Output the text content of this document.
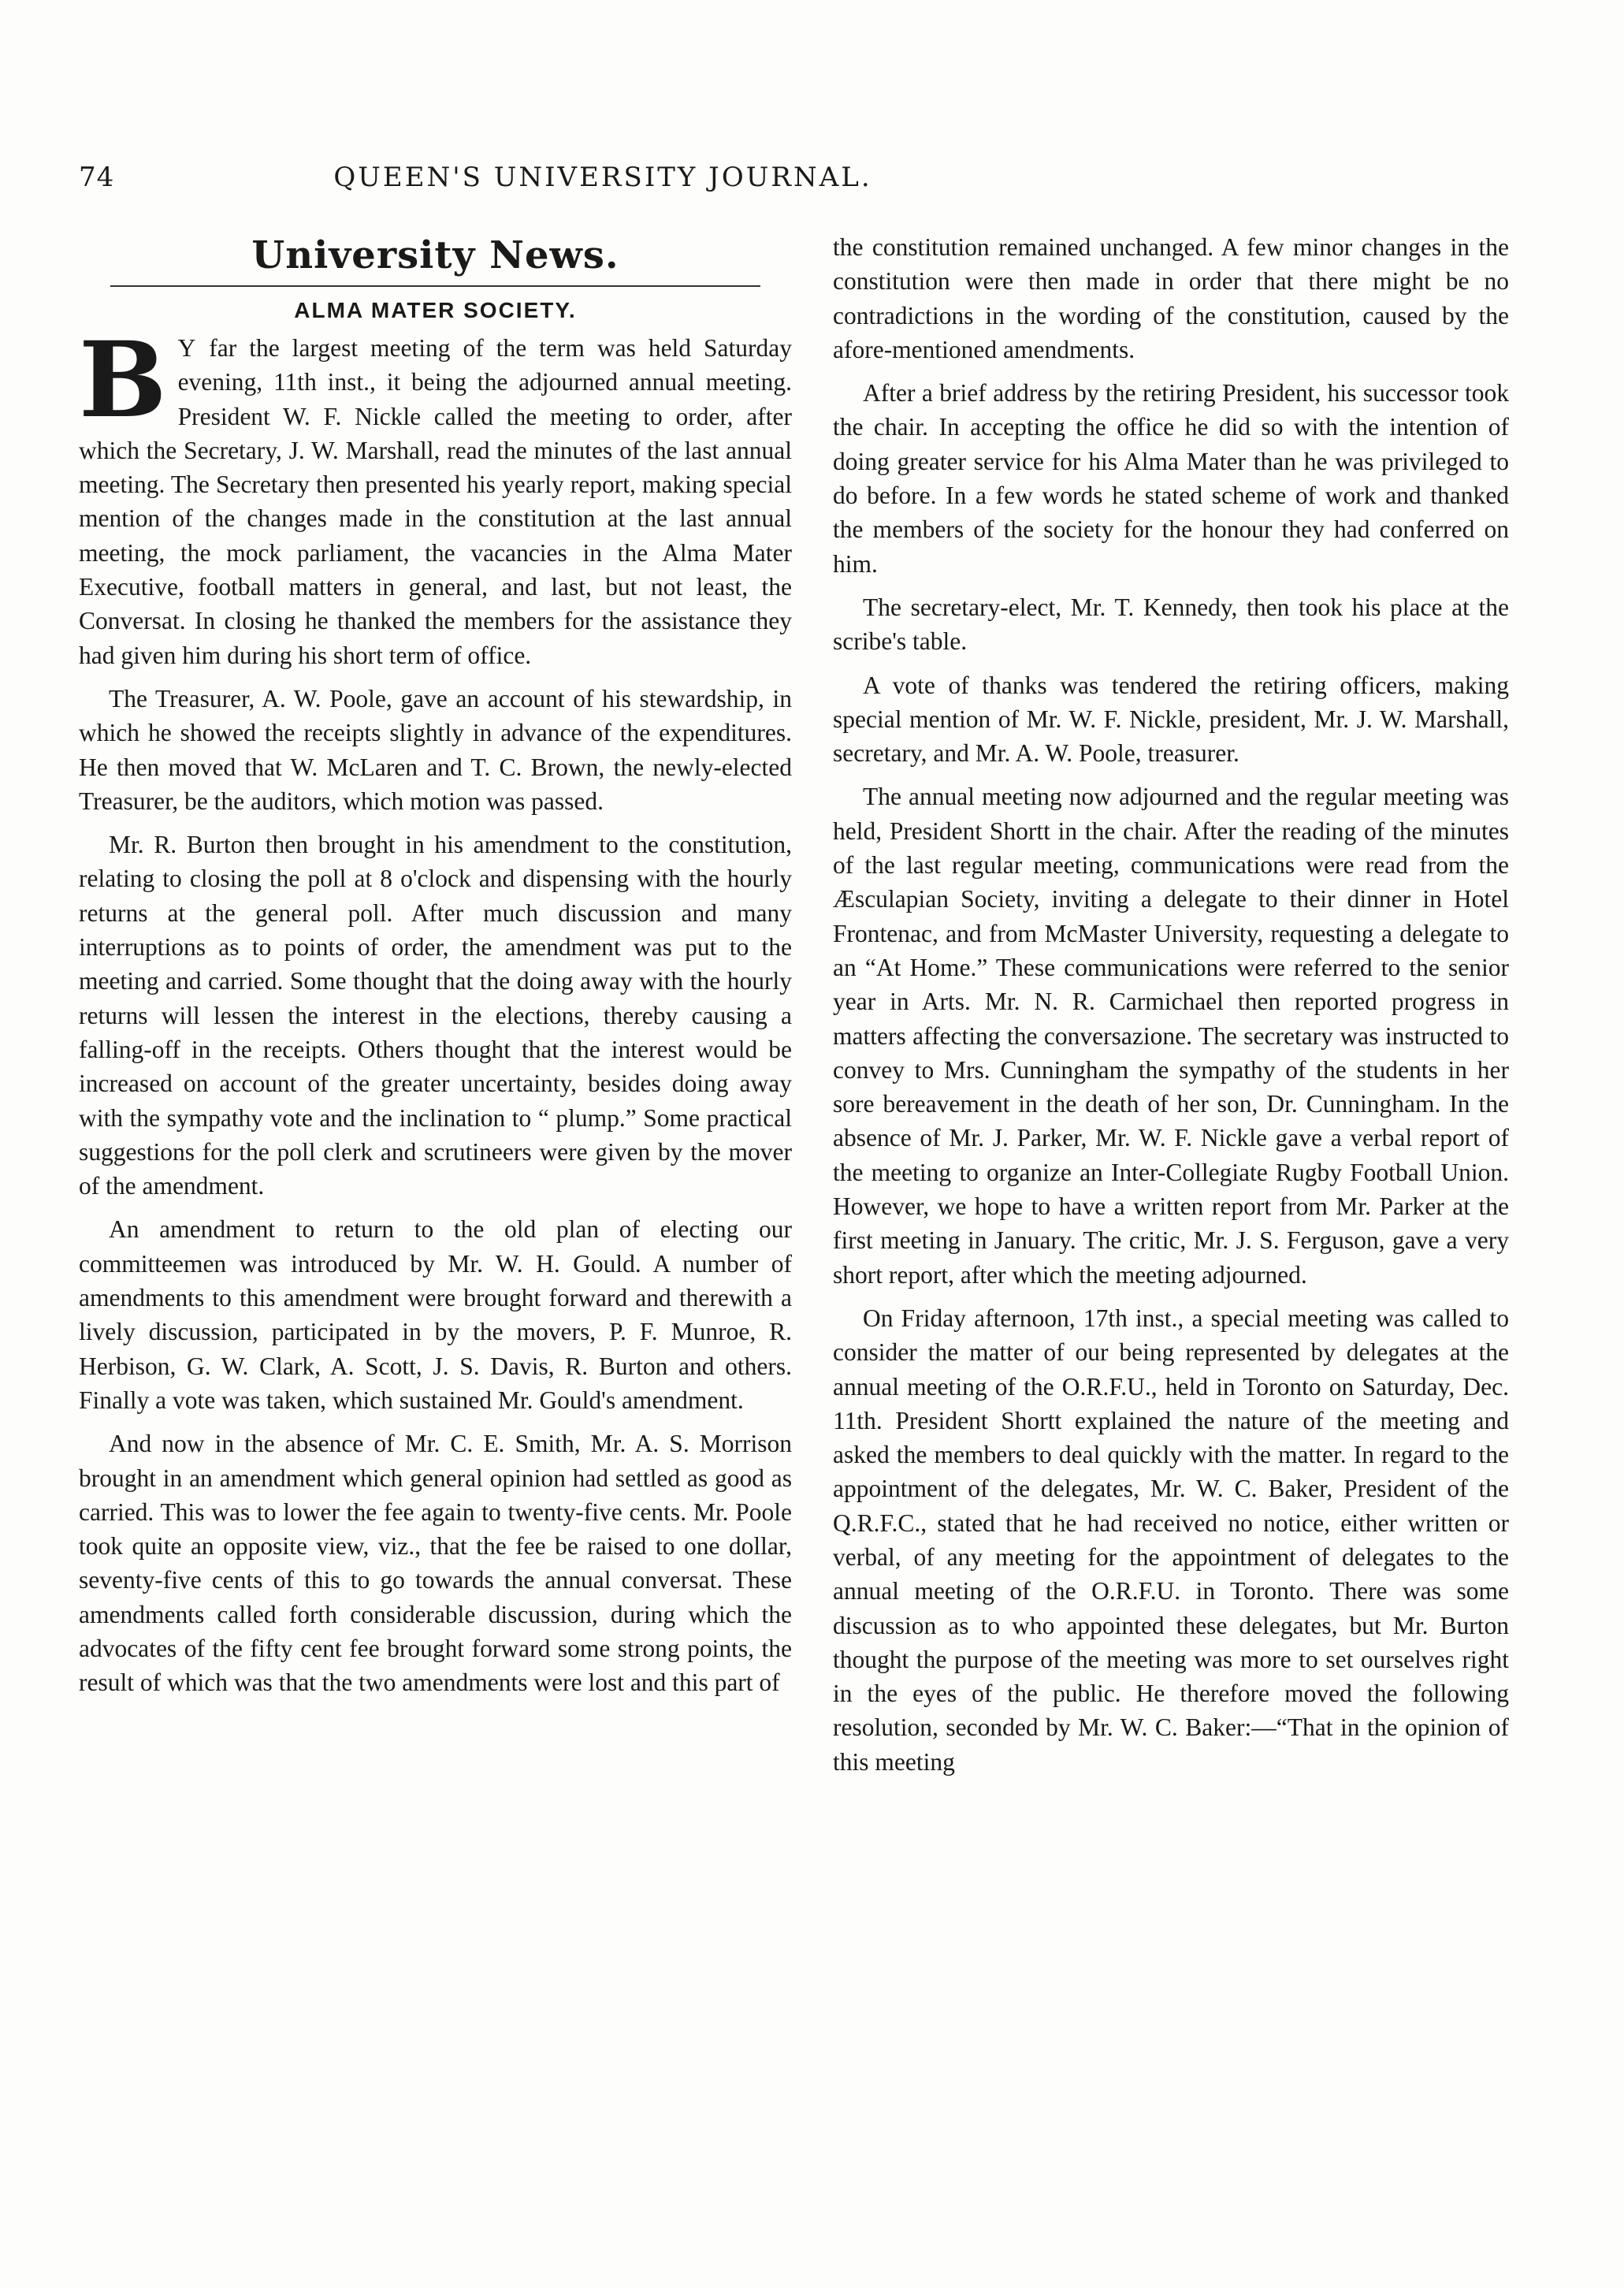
74	QUEEN'S UNIVERSITY JOURNAL.
University News.
ALMA MATER SOCIETY.

B Y far the largest meeting of the term was held Saturday evening, 11th inst., it being the adjourned annual meeting. President W. F. Nickle called the meeting to order, after which the Secretary, J. W. Marshall, read the minutes of the last annual meeting. The Secretary then presented his yearly report, making special mention of the changes made in the constitution at the last annual meeting, the mock parliament, the vacancies in the Alma Mater Executive, football matters in general, and last, but not least, the Conversat. In closing he thanked the members for the assistance they had given him during his short term of office.

The Treasurer, A. W. Poole, gave an account of his stewardship, in which he showed the receipts slightly in advance of the expenditures. He then moved that W. McLaren and T. C. Brown, the newly-elected Treasurer, be the auditors, which motion was passed.

Mr. R. Burton then brought in his amendment to the constitution, relating to closing the poll at 8 o'clock and dispensing with the hourly returns at the general poll. After much discussion and many interruptions as to points of order, the amendment was put to the meeting and carried. Some thought that the doing away with the hourly returns will lessen the interest in the elections, thereby causing a falling-off in the receipts. Others thought that the interest would be increased on account of the greater uncertainty, besides doing away with the sympathy vote and the inclination to “ plump.” Some practical suggestions for the poll clerk and scrutineers were given by the mover of the amendment.

An amendment to return to the old plan of electing our committeemen was introduced by Mr. W. H. Gould. A number of amendments to this amendment were brought forward and therewith a lively discussion, participated in by the movers, P. F. Munroe, R. Herbison, G. W. Clark, A. Scott, J. S. Davis, R. Burton and others. Finally a vote was taken, which sustained Mr. Gould's amendment.

And now in the absence of Mr. C. E. Smith, Mr. A. S. Morrison brought in an amendment which general opinion had settled as good as carried. This was to lower the fee again to twenty-five cents. Mr. Poole took quite an opposite view, viz., that the fee be raised to one dollar, seventy-five cents of this to go towards the annual conversat. These amendments called forth considerable discussion, during which the advocates of the fifty cent fee brought forward some strong points, the result of which was that the two amendments were lost and this part of

the constitution remained unchanged. A few minor changes in the constitution were then made in order that there might be no contradictions in the wording of the constitution, caused by the afore-mentioned amendments.

After a brief address by the retiring President, his successor took the chair. In accepting the office he did so with the intention of doing greater service for his Alma Mater than he was privileged to do before. In a few words he stated scheme of work and thanked the members of the society for the honour they had conferred on him.

The secretary-elect, Mr. T. Kennedy, then took his place at the scribe's table.

A vote of thanks was tendered the retiring officers, making special mention of Mr. W. F. Nickle, president, Mr. J. W. Marshall, secretary, and Mr. A. W. Poole, treasurer.

The annual meeting now adjourned and the regular meeting was held, President Shortt in the chair. After the reading of the minutes of the last regular meeting, communications were read from the Æsculapian Society, inviting a delegate to their dinner in Hotel Frontenac, and from McMaster University, requesting a delegate to an “At Home.” These communications were referred to the senior year in Arts. Mr. N. R. Carmichael then reported progress in matters affecting the conversazione. The secretary was instructed to convey to Mrs. Cunningham the sympathy of the students in her sore bereavement in the death of her son, Dr. Cunningham. In the absence of Mr. J. Parker, Mr. W. F. Nickle gave a verbal report of the meeting to organize an Inter-Collegiate Rugby Football Union. However, we hope to have a written report from Mr. Parker at the first meeting in January. The critic, Mr. J. S. Ferguson, gave a very short report, after which the meeting adjourned.

On Friday afternoon, 17th inst., a special meeting was called to consider the matter of our being represented by delegates at the annual meeting of the O.R.F.U., held in Toronto on Saturday, Dec. 11th. President Shortt explained the nature of the meeting and asked the members to deal quickly with the matter. In regard to the appointment of the delegates, Mr. W. C. Baker, President of the Q.R.F.C., stated that he had received no notice, either written or verbal, of any meeting for the appointment of delegates to the annual meeting of the O.R.F.U. in Toronto. There was some discussion as to who appointed these delegates, but Mr. Burton thought the purpose of the meeting was more to set ourselves right in the eyes of the public. He therefore moved the following resolution, seconded by Mr. W. C. Baker:—“That in the opinion of this meeting
